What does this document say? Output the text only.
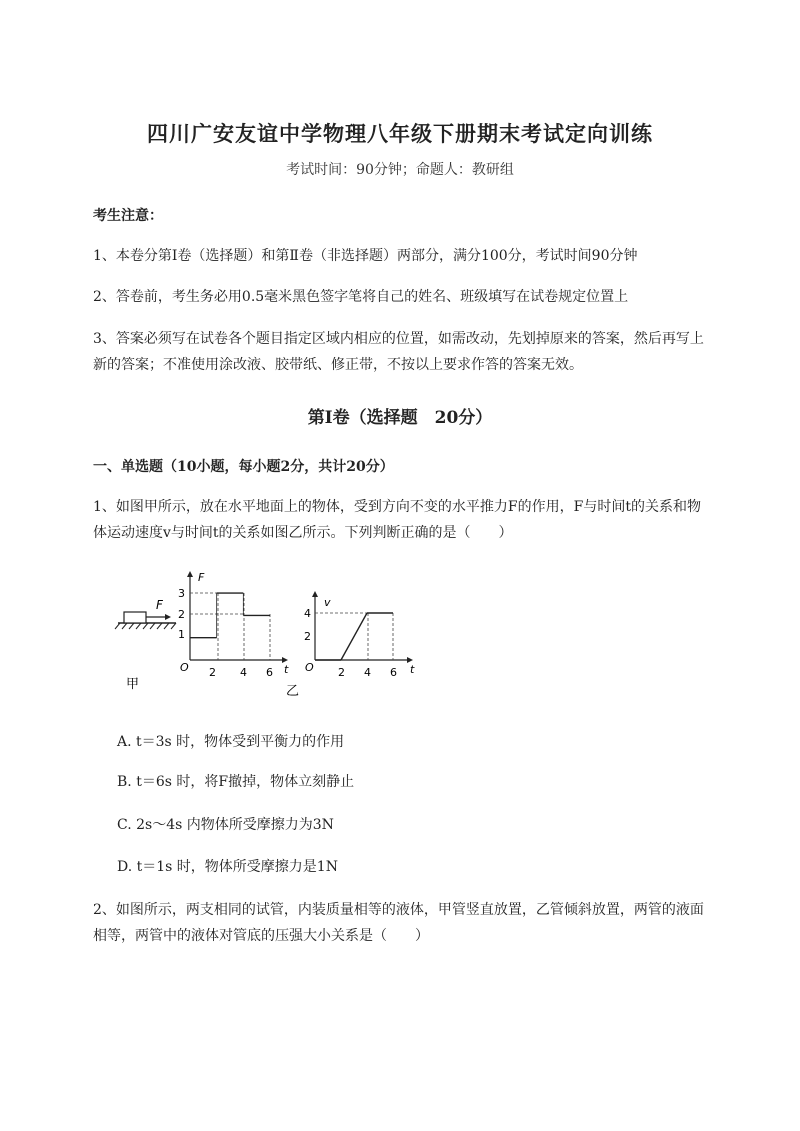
四川广安友谊中学物理八年级下册期末考试定向训练
考试时间：90分钟；命题人：教研组
考生注意：
1、本卷分第Ⅰ卷（选择题）和第Ⅱ卷（非选择题）两部分，满分100分，考试时间90分钟
2、答卷前，考生务必用0.5毫米黑色签字笔将自己的姓名、班级填写在试卷规定位置上
3、答案必须写在试卷各个题目指定区域内相应的位置，如需改动，先划掉原来的答案，然后再写上新的答案；不准使用涂改液、胶带纸、修正带，不按以上要求作答的答案无效。
第Ⅰ卷（选择题　20分）
一、单选题（10小题，每小题2分，共计20分）
1、如图甲所示，放在水平地面上的物体，受到方向不变的水平推力F的作用，F与时间t的关系和物体运动速度v与时间t的关系如图乙所示。下列判断正确的是（　　）
F
甲
F
t
O 2 4 6
1
2
3
v
t
O 2 4 6
2
4
乙
A. t＝3s 时，物体受到平衡力的作用
B. t＝6s 时，将F撤掉，物体立刻静止
C. 2s～4s 内物体所受摩擦力为3N
D. t＝1s 时，物体所受摩擦力是1N
2、如图所示，两支相同的试管，内装质量相等的液体，甲管竖直放置，乙管倾斜放置，两管的液面相等，两管中的液体对管底的压强大小关系是（　　）
